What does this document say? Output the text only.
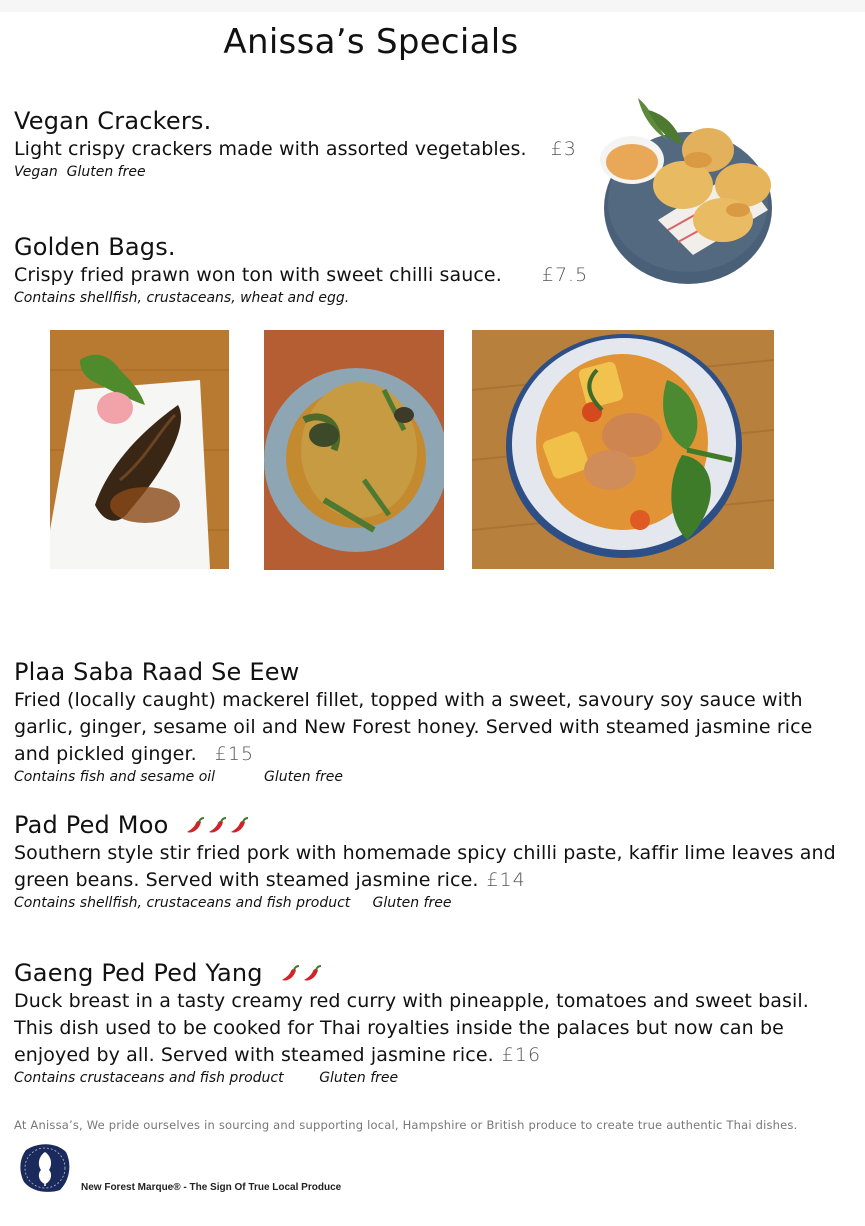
Anissa’s Specials
Vegan Crackers.
Light crispy crackers made with assorted vegetables. £3
Vegan  Gluten free
Golden Bags.
Crispy fried prawn won ton with sweet chilli sauce. £7.5
Contains shellfish, crustaceans, wheat and egg.
Plaa Saba Raad Se Eew
Fried (locally caught) mackerel fillet, topped with a sweet, savoury soy sauce with garlic, ginger, sesame oil and New Forest honey. Served with steamed jasmine rice and pickled ginger. £15
Contains fish and sesame oil           Gluten free
Pad Ped Moo
Southern style stir fried pork with homemade spicy chilli paste, kaffir lime leaves and green beans. Served with steamed jasmine rice. £14
Contains shellfish, crustaceans and fish product     Gluten free
Gaeng Ped Ped Yang
Duck breast in a tasty creamy red curry with pineapple, tomatoes and sweet basil. This dish used to be cooked for Thai royalties inside the palaces but now can be enjoyed by all. Served with steamed jasmine rice. £16
Contains crustaceans and fish product        Gluten free
At Anissa’s, We pride ourselves in sourcing and supporting local, Hampshire or British produce to create true authentic Thai dishes.
New Forest Marque® - The Sign Of True Local Produce
